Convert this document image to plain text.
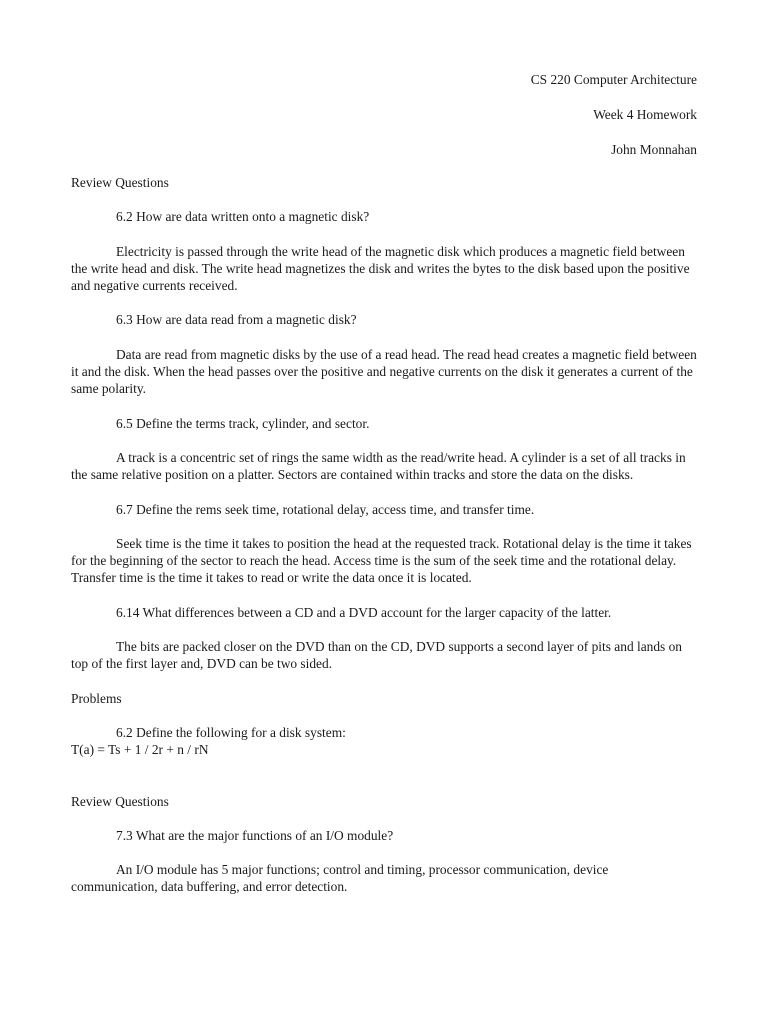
CS 220 Computer Architecture
Week 4 Homework
John Monnahan

Review Questions

6.2 How are data written onto a magnetic disk?

Electricity is passed through the write head of the magnetic disk which produces a magnetic field between the write head and disk. The write head magnetizes the disk and writes the bytes to the disk based upon the positive and negative currents received.

6.3 How are data read from a magnetic disk?

Data are read from magnetic disks by the use of a read head. The read head creates a magnetic field between it and the disk. When the head passes over the positive and negative currents on the disk it generates a current of the same polarity.

6.5 Define the terms track, cylinder, and sector.

A track is a concentric set of rings the same width as the read/write head. A cylinder is a set of all tracks in the same relative position on a platter. Sectors are contained within tracks and store the data on the disks.

6.7 Define the rems seek time, rotational delay, access time, and transfer time.

Seek time is the time it takes to position the head at the requested track. Rotational delay is the time it takes for the beginning of the sector to reach the head. Access time is the sum of the seek time and the rotational delay. Transfer time is the time it takes to read or write the data once it is located.

6.14 What differences between a CD and a DVD account for the larger capacity of the latter.

The bits are packed closer on the DVD than on the CD, DVD supports a second layer of pits and lands on top of the first layer and, DVD can be two sided.

Problems

6.2 Define the following for a disk system:

T(a) = Ts + 1 / 2r + n / rN

Review Questions

7.3 What are the major functions of an I/O module?

An I/O module has 5 major functions; control and timing, processor communication, device communication, data buffering, and error detection.
